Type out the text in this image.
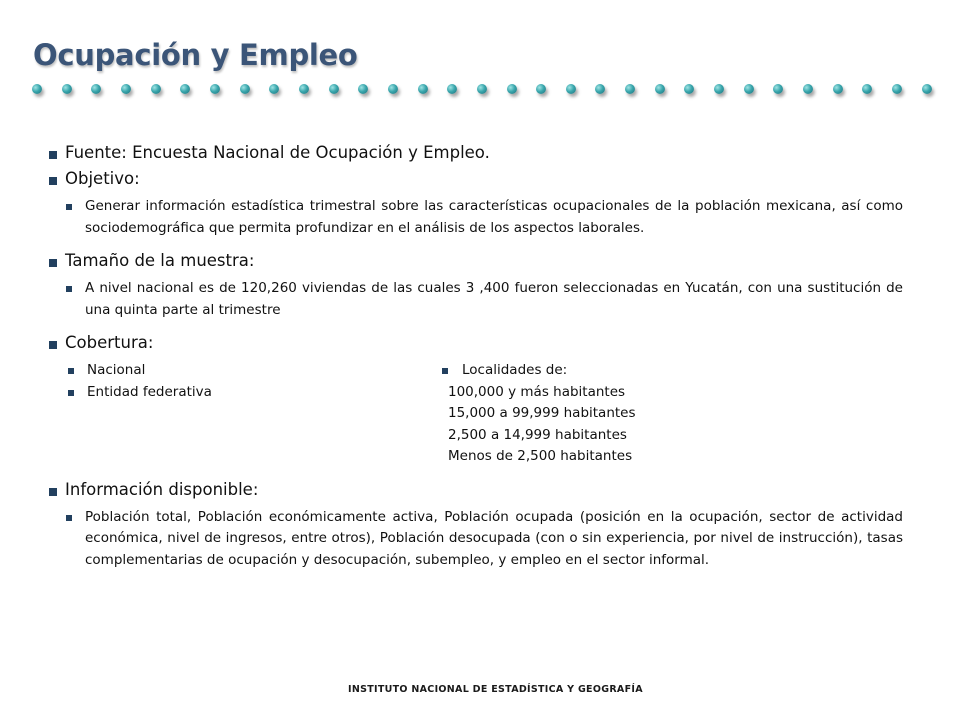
Ocupación y Empleo

Fuente: Encuesta Nacional de Ocupación y Empleo.

Objetivo:

Generar información estadística trimestral sobre las características ocupacionales de la población mexicana, así como sociodemográfica que permita profundizar en el análisis de los aspectos laborales.

Tamaño de la muestra:

A nivel nacional es de 120,260 viviendas de las cuales 3 ,400 fueron seleccionadas en Yucatán, con una sustitución de una quinta parte al trimestre

Cobertura:

Nacional

Entidad federativa

Localidades de:

100,000 y más habitantes

15,000 a 99,999 habitantes

2,500 a 14,999 habitantes

Menos de 2,500 habitantes

Información disponible:

Población total, Población económicamente activa, Población ocupada (posición en la ocupación, sector de actividad económica, nivel de ingresos, entre otros), Población desocupada (con o sin experiencia, por nivel de instrucción), tasas complementarias de ocupación y desocupación, subempleo, y empleo en el sector informal.

INSTITUTO NACIONAL DE ESTADÍSTICA Y GEOGRAFÍA
